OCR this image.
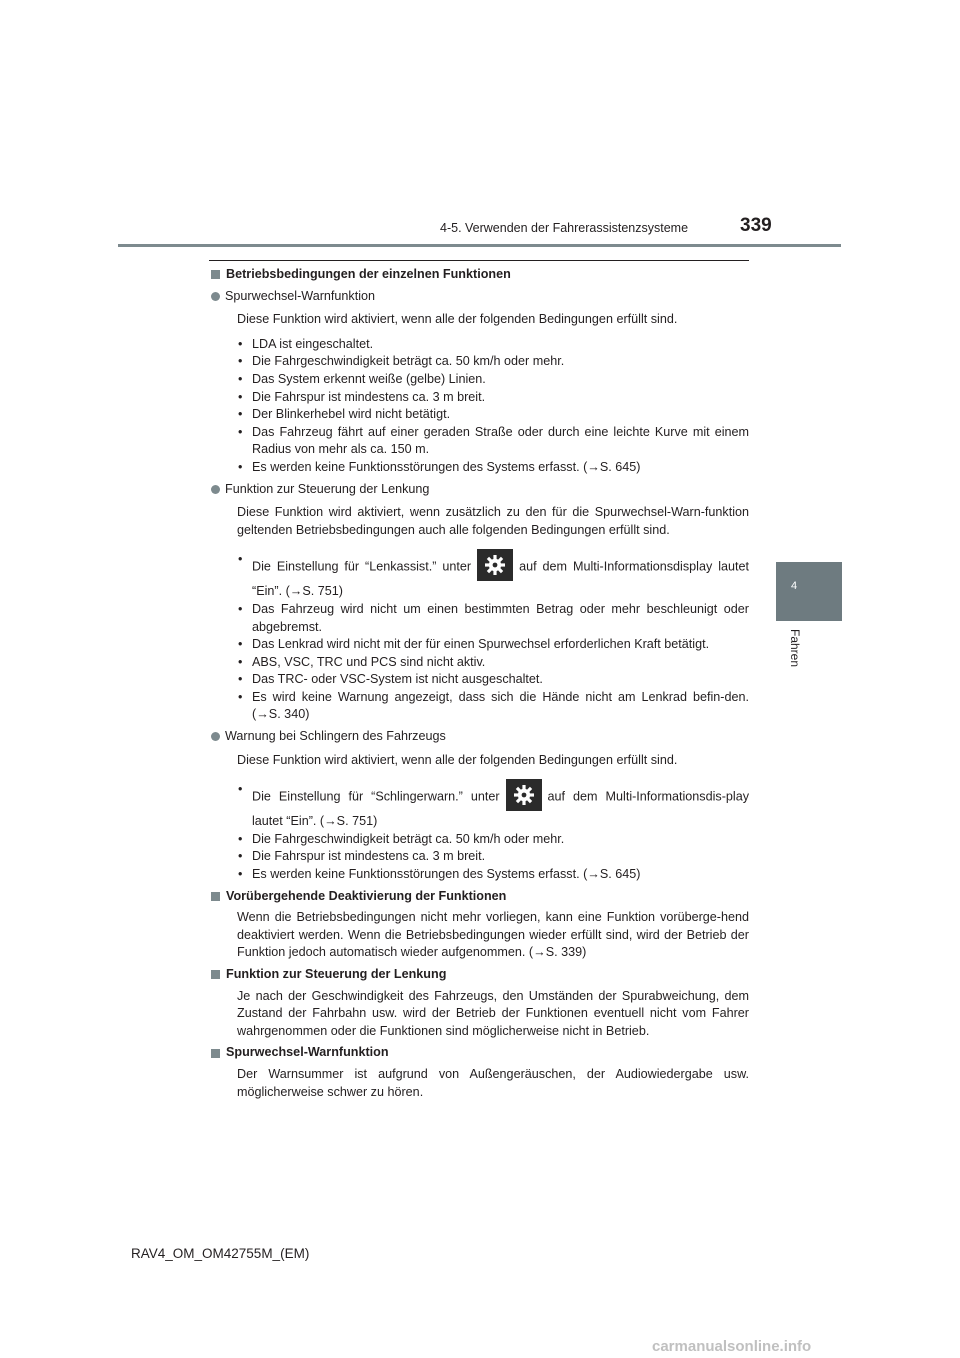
4-5. Verwenden der Fahrerassistenzsysteme	339
4
Fahren
Betriebsbedingungen der einzelnen Funktionen
Spurwechsel-Warnfunktion

Diese Funktion wird aktiviert, wenn alle der folgenden Bedingungen erfüllt sind.

• LDA ist eingeschaltet.
• Die Fahrgeschwindigkeit beträgt ca. 50 km/h oder mehr.
• Das System erkennt weiße (gelbe) Linien.
• Die Fahrspur ist mindestens ca. 3 m breit.
• Der Blinkerhebel wird nicht betätigt.
• Das Fahrzeug fährt auf einer geraden Straße oder durch eine leichte Kurve mit einem Radius von mehr als ca. 150 m.
• Es werden keine Funktionsstörungen des Systems erfasst. (→S. 645)
Funktion zur Steuerung der Lenkung

Diese Funktion wird aktiviert, wenn zusätzlich zu den für die Spurwechsel-Warn-funktion geltenden Betriebsbedingungen auch alle folgenden Bedingungen erfüllt sind.

• Die Einstellung für “Lenkassist.” unter	auf dem Multi-Informationsdisplay lautet “Ein”. (→S. 751)
• Das Fahrzeug wird nicht um einen bestimmten Betrag oder mehr beschleunigt oder abgebremst.
• Das Lenkrad wird nicht mit der für einen Spurwechsel erforderlichen Kraft betätigt.
• ABS, VSC, TRC und PCS sind nicht aktiv.
• Das TRC- oder VSC-System ist nicht ausgeschaltet.
• Es wird keine Warnung angezeigt, dass sich die Hände nicht am Lenkrad befin-den. (→S. 340)
Warnung bei Schlingern des Fahrzeugs

Diese Funktion wird aktiviert, wenn alle der folgenden Bedingungen erfüllt sind.

• Die Einstellung für “Schlingerwarn.” unter	auf dem Multi-Informationsdis-play lautet “Ein”. (→S. 751)
• Die Fahrgeschwindigkeit beträgt ca. 50 km/h oder mehr.
• Die Fahrspur ist mindestens ca. 3 m breit.
• Es werden keine Funktionsstörungen des Systems erfasst. (→S. 645)
Vorübergehende Deaktivierung der Funktionen

Wenn die Betriebsbedingungen nicht mehr vorliegen, kann eine Funktion vorüberge-hend deaktiviert werden. Wenn die Betriebsbedingungen wieder erfüllt sind, wird der Betrieb der Funktion jedoch automatisch wieder aufgenommen. (→S. 339)

Funktion zur Steuerung der Lenkung

Je nach der Geschwindigkeit des Fahrzeugs, den Umständen der Spurabweichung, dem Zustand der Fahrbahn usw. wird der Betrieb der Funktionen eventuell nicht vom Fahrer wahrgenommen oder die Funktionen sind möglicherweise nicht in Betrieb.

Spurwechsel-Warnfunktion

Der Warnsummer ist aufgrund von Außengeräuschen, der Audiowiedergabe usw. möglicherweise schwer zu hören.

RAV4_OM_OM42755M_(EM)
carmanualsonline.info
